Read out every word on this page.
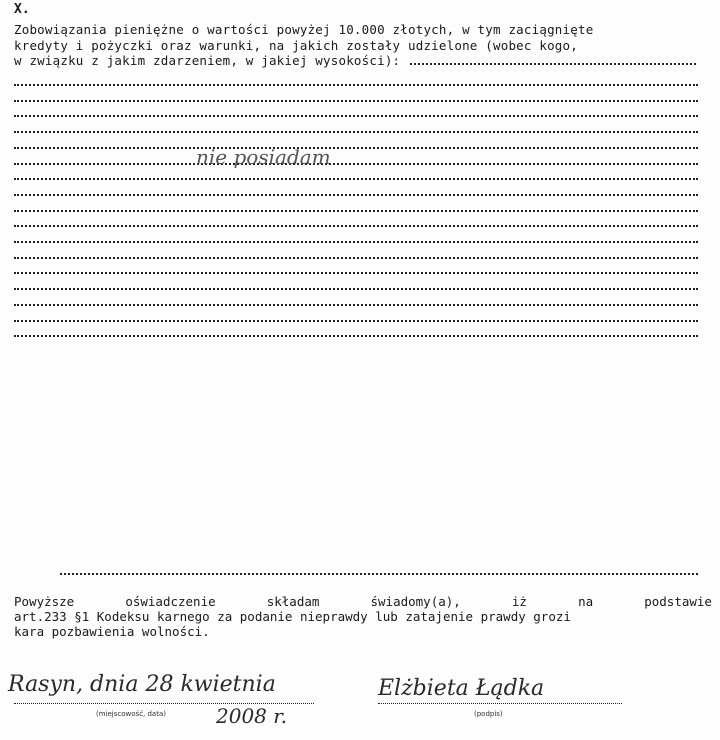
X.
Zobowiązania pieniężne o wartości powyżej 10.000 złotych, w tym zaciągnięte
kredyty i pożyczki oraz warunki, na jakich zostały udzielone (wobec kogo,
w związku z jakim zdarzeniem, w jakiej wysokości):
nie posiadam
Powyższe	oświadczenie	składam	świadomy(a),	iż	na	podstawie
art.233 §1 Kodeksu karnego za podanie nieprawdy lub zatajenie prawdy grozi
kara pozbawienia wolności.
Rasyn, dnia 28 kwietnia
(miejscowość, data)	2008 r.
Elżbieta Łądka
(podpis)
